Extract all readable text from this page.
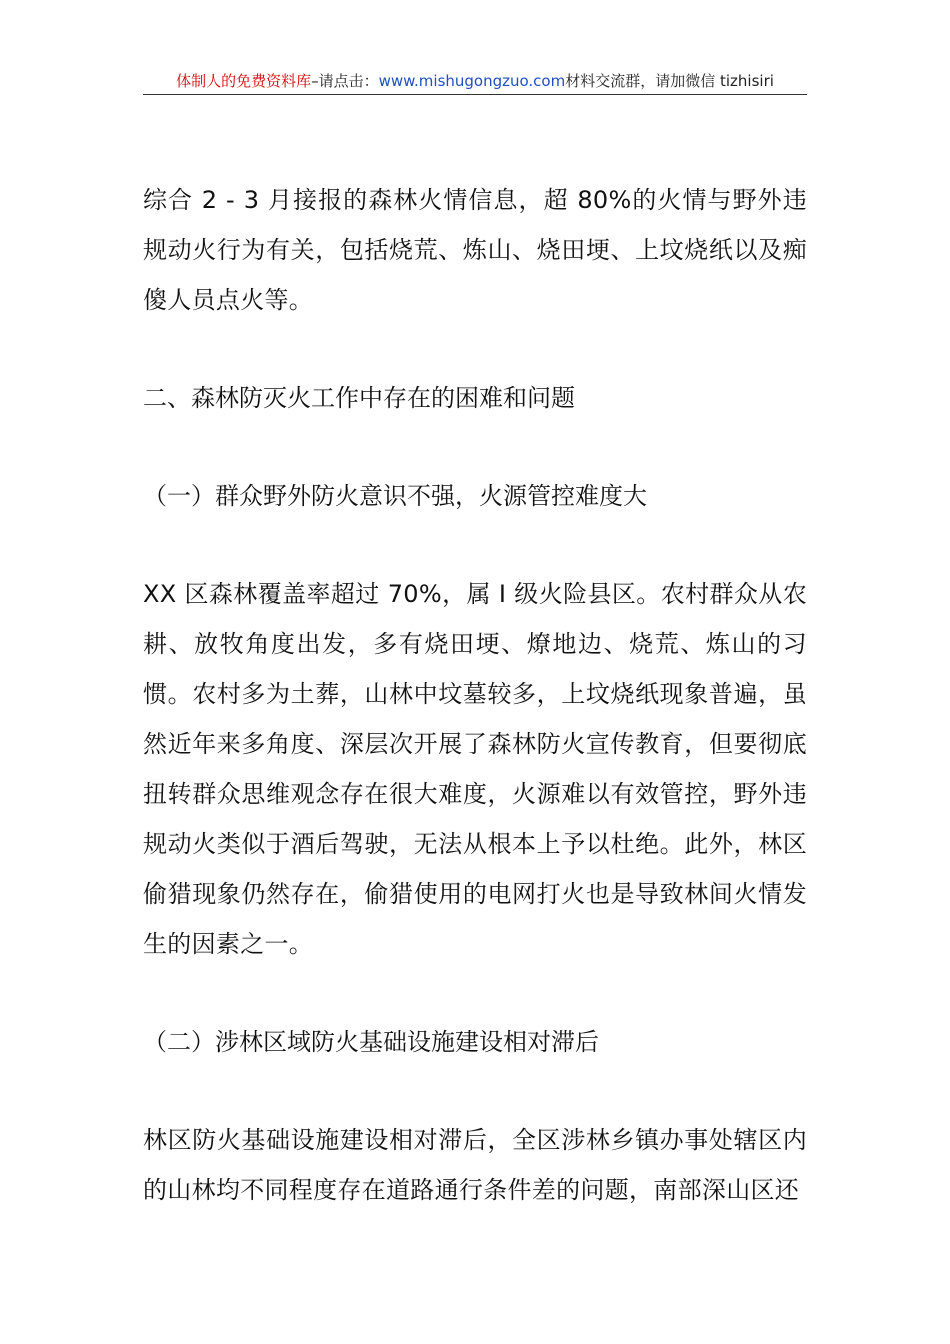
体制人的免费资料库–请点击：www.mishugongzuo.com材料交流群，请加微信 tizhisiri

综合 2 - 3 月接报的森林火情信息，超 80%的火情与野外违规动火行为有关，包括烧荒、炼山、烧田埂、上坟烧纸以及痴傻人员点火等。

二、森林防灭火工作中存在的困难和问题

（一）群众野外防火意识不强，火源管控难度大

XX 区森林覆盖率超过 70%，属 I 级火险县区。农村群众从农耕、放牧角度出发，多有烧田埂、燎地边、烧荒、炼山的习惯。农村多为土葬，山林中坟墓较多，上坟烧纸现象普遍，虽然近年来多角度、深层次开展了森林防火宣传教育，但要彻底扭转群众思维观念存在很大难度，火源难以有效管控，野外违规动火类似于酒后驾驶，无法从根本上予以杜绝。此外，林区偷猎现象仍然存在，偷猎使用的电网打火也是导致林间火情发生的因素之一。

（二）涉林区域防火基础设施建设相对滞后

林区防火基础设施建设相对滞后，全区涉林乡镇办事处辖区内的山林均不同程度存在道路通行条件差的问题，南部深山区还
